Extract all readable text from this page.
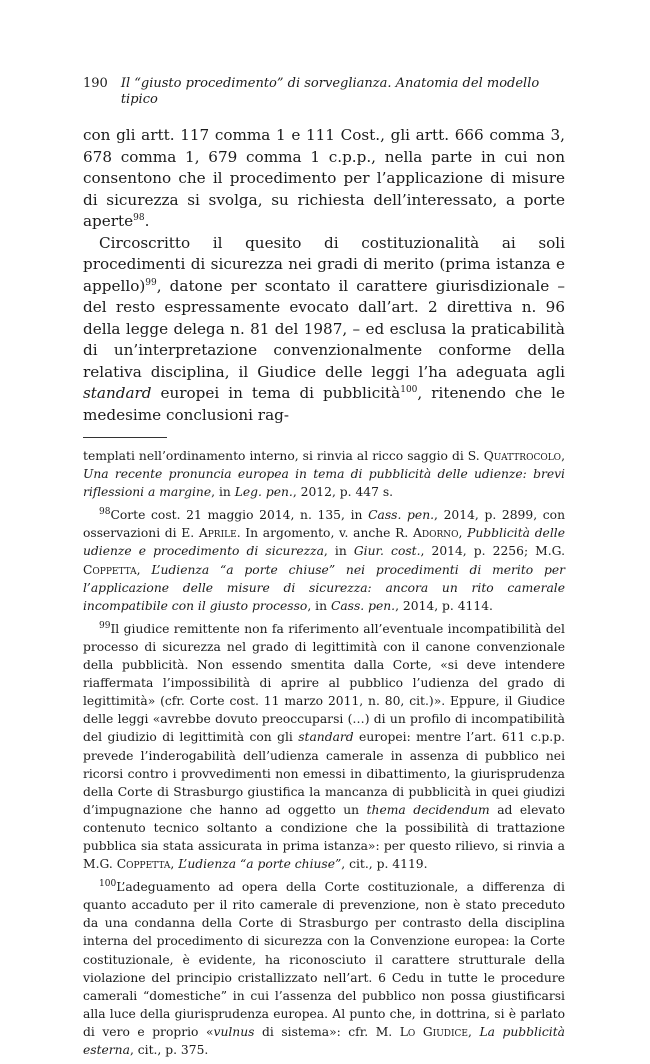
190 Il “giusto procedimento” di sorveglianza. Anatomia del modello tipico

con gli artt. 117 comma 1 e 111 Cost., gli artt. 666 comma 3, 678 comma 1, 679 comma 1 c.p.p., nella parte in cui non consentono che il procedimento per l’applicazione di misure di sicurezza si svolga, su richiesta dell’interessato, a porte aperte$^{98}$.

Circoscritto il quesito di costituzionalità ai soli procedimenti di sicurezza nei gradi di merito (prima istanza e appello)$^{99}$, datone per scontato il carattere giurisdizionale – del resto espressamente evocato dall’art. 2 direttiva n. 96 della legge delega n. 81 del 1987, – ed esclusa la praticabilità di un’interpretazione convenzionalmente conforme della relativa disciplina, il Giudice delle leggi l’ha adeguata agli standard europei in tema di pubblicità$^{100}$, ritenendo che le medesime conclusioni rag-

templati nell’ordinamento interno, si rinvia al ricco saggio di S. Quattrocolo, Una recente pronuncia europea in tema di pubblicità delle udienze: brevi riflessioni a margine, in Leg. pen., 2012, p. 447 s.

$^{98}$Corte cost. 21 maggio 2014, n. 135, in Cass. pen., 2014, p. 2899, con osservazioni di E. Aprile. In argomento, v. anche R. Adorno, Pubblicità delle udienze e procedimento di sicurezza, in Giur. cost., 2014, p. 2256; M.G. Coppetta, L’udienza “a porte chiuse” nei procedimenti di merito per l’applicazione delle misure di sicurezza: ancora un rito camerale incompatibile con il giusto processo, in Cass. pen., 2014, p. 4114.

$^{99}$Il giudice remittente non fa riferimento all’eventuale incompatibilità del processo di sicurezza nel grado di legittimità con il canone convenzionale della pubblicità. Non essendo smentita dalla Corte, «si deve intendere riaffermata l’impossibilità di aprire al pubblico l’udienza del grado di legittimità» (cfr. Corte cost. 11 marzo 2011, n. 80, cit.)». Eppure, il Giudice delle leggi «avrebbe dovuto preoccuparsi (…) di un profilo di incompatibilità del giudizio di legittimità con gli standard europei: mentre l’art. 611 c.p.p. prevede l’inderogabilità dell’udienza camerale in assenza di pubblico nei ricorsi contro i provvedimenti non emessi in dibattimento, la giurisprudenza della Corte di Strasburgo giustifica la mancanza di pubblicità in quei giudizi d’impugnazione che hanno ad oggetto un thema decidendum ad elevato contenuto tecnico soltanto a condizione che la possibilità di trattazione pubblica sia stata assicurata in prima istanza»: per questo rilievo, si rinvia a M.G. Coppetta, L’udienza “a porte chiuse”, cit., p. 4119.

$^{100}$L’adeguamento ad opera della Corte costituzionale, a differenza di quanto accaduto per il rito camerale di prevenzione, non è stato preceduto da una condanna della Corte di Strasburgo per contrasto della disciplina interna del procedimento di sicurezza con la Convenzione europea: la Corte costituzionale, è evidente, ha riconosciuto il carattere strutturale della violazione del principio cristallizzato nell’art. 6 Cedu in tutte le procedure camerali “domestiche” in cui l’assenza del pubblico non possa giustificarsi alla luce della giurisprudenza europea. Al punto che, in dottrina, si è parlato di vero e proprio «vulnus di sistema»: cfr. M. Lo Giudice, La pubblicità esterna, cit., p. 375.
